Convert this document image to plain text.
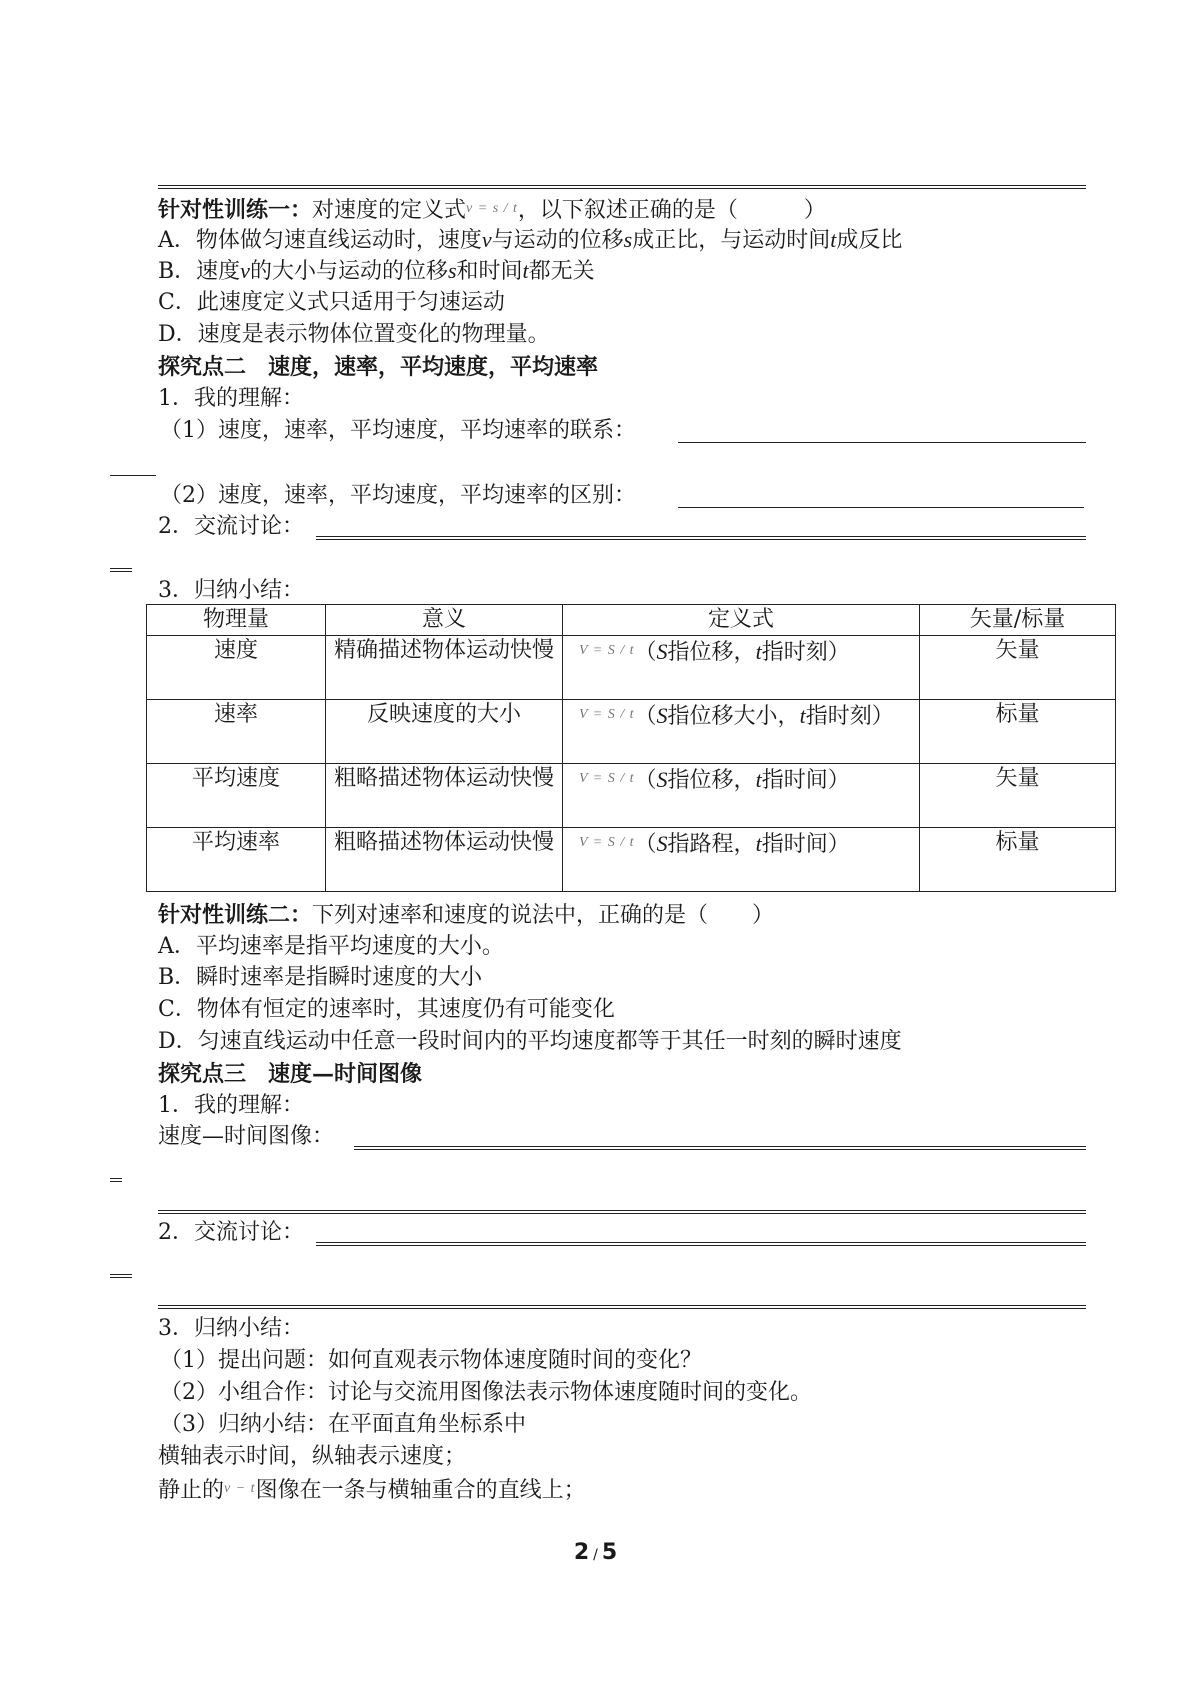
针对性训练一：对速度的定义式$^{v = s / t}$，以下叙述正确的是（　　　）
A．物体做匀速直线运动时，速度v与运动的位移s成正比，与运动时间t成反比
B．速度v的大小与运动的位移s和时间t都无关
C．此速度定义式只适用于匀速运动
D．速度是表示物体位置变化的物理量。
探究点二　速度，速率，平均速度，平均速率
1．我的理解：
（1）速度，速率，平均速度，平均速率的联系：
（2）速度，速率，平均速度，平均速率的区别：
2．交流讨论：
3．归纳小结：
物理量	意义	定义式	矢量/标量
速度	精确描述物体运动快慢	$^{V = S / t}$（S指位移，t指时刻）	矢量
速率	反映速度的大小	$^{V = S / t}$（S指位移大小，t指时刻）	标量
平均速度	粗略描述物体运动快慢	$^{V = S / t}$（S指位移，t指时间）	矢量
平均速率	粗略描述物体运动快慢	$^{V = S / t}$（S指路程，t指时间）	标量
针对性训练二：下列对速率和速度的说法中，正确的是（　　）
A．平均速率是指平均速度的大小。
B．瞬时速率是指瞬时速度的大小
C．物体有恒定的速率时，其速度仍有可能变化
D．匀速直线运动中任意一段时间内的平均速度都等于其任一时刻的瞬时速度
探究点三　速度—时间图像
1．我的理解：
速度—时间图像：
2．交流讨论：
3．归纳小结：
（1）提出问题：如何直观表示物体速度随时间的变化？
（2）小组合作：讨论与交流用图像法表示物体速度随时间的变化。
（3）归纳小结：在平面直角坐标系中
横轴表示时间，纵轴表示速度；
静止的$^{v - t}$图像在一条与横轴重合的直线上；
2 / 5
